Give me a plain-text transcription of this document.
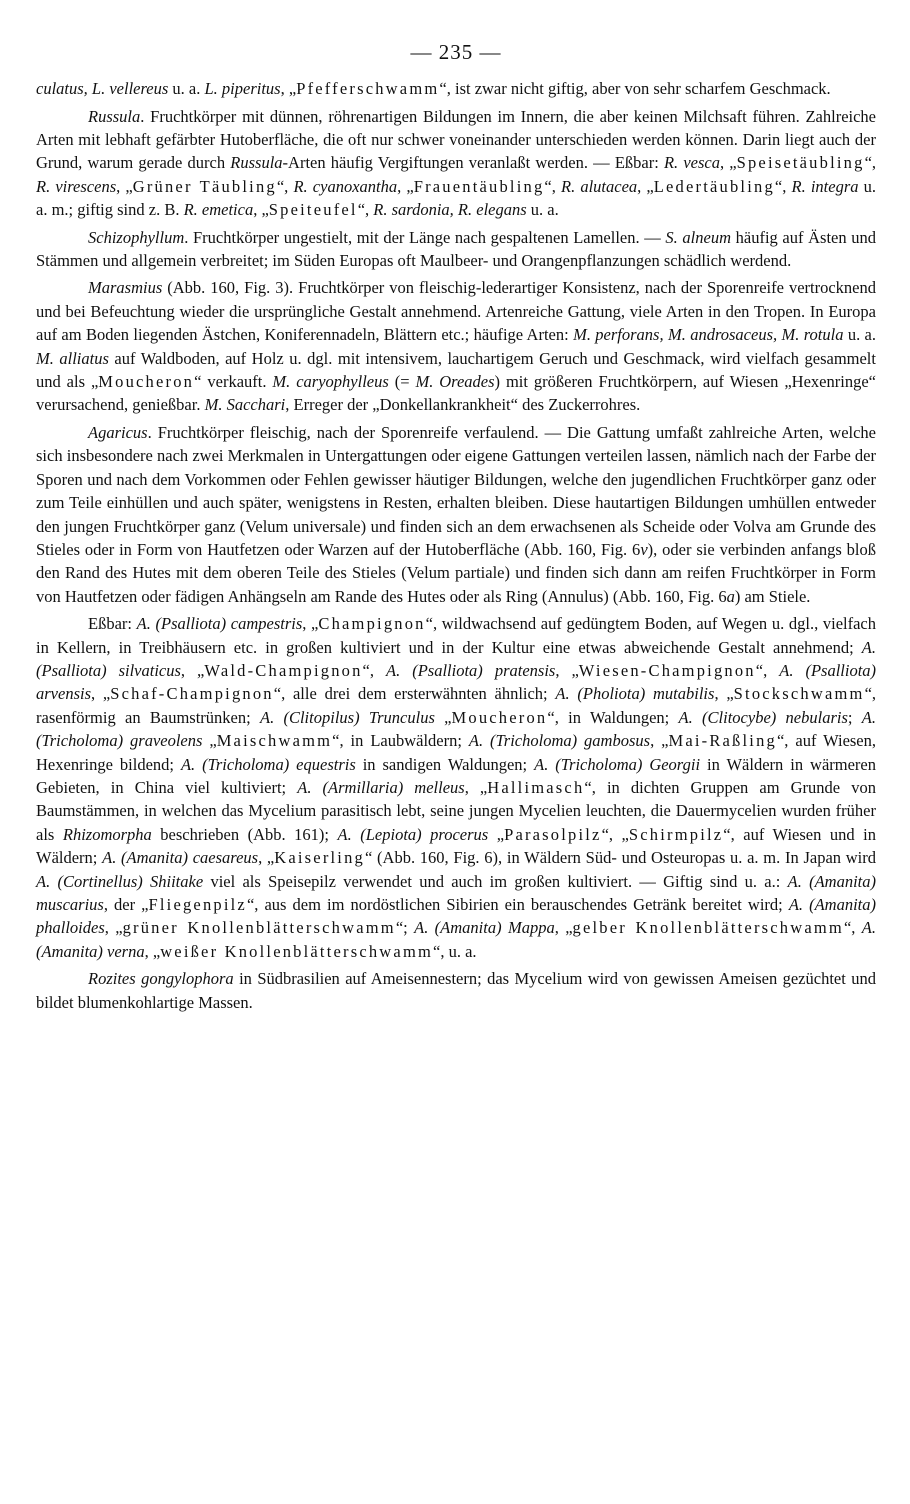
— 235 —

culatus, L. vellereus u. a. L. piperitus, „Pfefferschwamm“, ist zwar nicht giftig, aber von sehr scharfem Geschmack.

Russula. Fruchtkörper mit dünnen, röhrenartigen Bildungen im Innern, die aber keinen Milchsaft führen. Zahlreiche Arten mit lebhaft gefärbter Hutoberfläche, die oft nur schwer voneinander unterschieden werden können. Darin liegt auch der Grund, warum gerade durch Russula-Arten häufig Vergiftungen veranlaßt werden. — Eßbar: R. vesca, „Speisetäubling“, R. virescens, „Grüner Täubling“, R. cyanoxantha, „Frauentäubling“, R. alutacea, „Ledertäubling“, R. integra u. a. m.; giftig sind z. B. R. emetica, „Speiteufel“, R. sardonia, R. elegans u. a.

Schizophyllum. Fruchtkörper ungestielt, mit der Länge nach gespaltenen Lamellen. — S. alneum häufig auf Ästen und Stämmen und allgemein verbreitet; im Süden Europas oft Maulbeer- und Orangenpflanzungen schädlich werdend.

Marasmius (Abb. 160, Fig. 3). Fruchtkörper von fleischig-lederartiger Konsistenz, nach der Sporenreife vertrocknend und bei Befeuchtung wieder die ursprüngliche Gestalt annehmend. Artenreiche Gattung, viele Arten in den Tropen. In Europa auf am Boden liegenden Ästchen, Koniferennadeln, Blättern etc.; häufige Arten: M. perforans, M. androsaceus, M. rotula u. a. M. alliatus auf Waldboden, auf Holz u. dgl. mit intensivem, lauchartigem Geruch und Geschmack, wird vielfach gesammelt und als „Moucheron“ verkauft. M. caryophylleus (= M. Oreades) mit größeren Fruchtkörpern, auf Wiesen „Hexenringe“ verursachend, genießbar. M. Sacchari, Erreger der „Donkellankrankheit“ des Zuckerrohres.

Agaricus. Fruchtkörper fleischig, nach der Sporenreife verfaulend. — Die Gattung umfaßt zahlreiche Arten, welche sich insbesondere nach zwei Merkmalen in Untergattungen oder eigene Gattungen verteilen lassen, nämlich nach der Farbe der Sporen und nach dem Vorkommen oder Fehlen gewisser häutiger Bildungen, welche den jugendlichen Fruchtkörper ganz oder zum Teile einhüllen und auch später, wenigstens in Resten, erhalten bleiben. Diese hautartigen Bildungen umhüllen entweder den jungen Fruchtkörper ganz (Velum universale) und finden sich an dem erwachsenen als Scheide oder Volva am Grunde des Stieles oder in Form von Hautfetzen oder Warzen auf der Hutoberfläche (Abb. 160, Fig. 6v), oder sie verbinden anfangs bloß den Rand des Hutes mit dem oberen Teile des Stieles (Velum partiale) und finden sich dann am reifen Fruchtkörper in Form von Hautfetzen oder fädigen Anhängseln am Rande des Hutes oder als Ring (Annulus) (Abb. 160, Fig. 6a) am Stiele.

Eßbar: A. (Psalliota) campestris, „Champignon“, wildwachsend auf gedüngtem Boden, auf Wegen u. dgl., vielfach in Kellern, in Treibhäusern etc. in großen kultiviert und in der Kultur eine etwas abweichende Gestalt annehmend; A. (Psalliota) silvaticus, „Wald-Champignon“, A. (Psalliota) pratensis, „Wiesen-Champignon“, A. (Psalliota) arvensis, „Schaf-Champignon“, alle drei dem ersterwähnten ähnlich; A. (Pholiota) mutabilis, „Stockschwamm“, rasenförmig an Baumstrünken; A. (Clitopilus) Trunculus „Moucheron“, in Waldungen; A. (Clitocybe) nebularis; A. (Tricholoma) graveolens „Maischwamm“, in Laubwäldern; A. (Tricholoma) gambosus, „Mai-Raßling“, auf Wiesen, Hexenringe bildend; A. (Tricholoma) equestris in sandigen Waldungen; A. (Tricholoma) Georgii in Wäldern in wärmeren Gebieten, in China viel kultiviert; A. (Armillaria) melleus, „Hallimasch“, in dichten Gruppen am Grunde von Baumstämmen, in welchen das Mycelium parasitisch lebt, seine jungen Mycelien leuchten, die Dauermycelien wurden früher als Rhizomorpha beschrieben (Abb. 161); A. (Lepiota) procerus „Parasolpilz“, „Schirmpilz“, auf Wiesen und in Wäldern; A. (Amanita) caesareus, „Kaiserling“ (Abb. 160, Fig. 6), in Wäldern Süd- und Osteuropas u. a. m. In Japan wird A. (Cortinellus) Shiitake viel als Speisepilz verwendet und auch im großen kultiviert. — Giftig sind u. a.: A. (Amanita) muscarius, der „Fliegenpilz“, aus dem im nordöstlichen Sibirien ein berauschendes Getränk bereitet wird; A. (Amanita) phalloides, „grüner Knollenblätterschwamm“; A. (Amanita) Mappa, „gelber Knollenblätterschwamm“, A. (Amanita) verna, „weißer Knollenblätterschwamm“, u. a.

Rozites gongylophora in Südbrasilien auf Ameisennestern; das Mycelium wird von gewissen Ameisen gezüchtet und bildet blumenkohlartige Massen.
